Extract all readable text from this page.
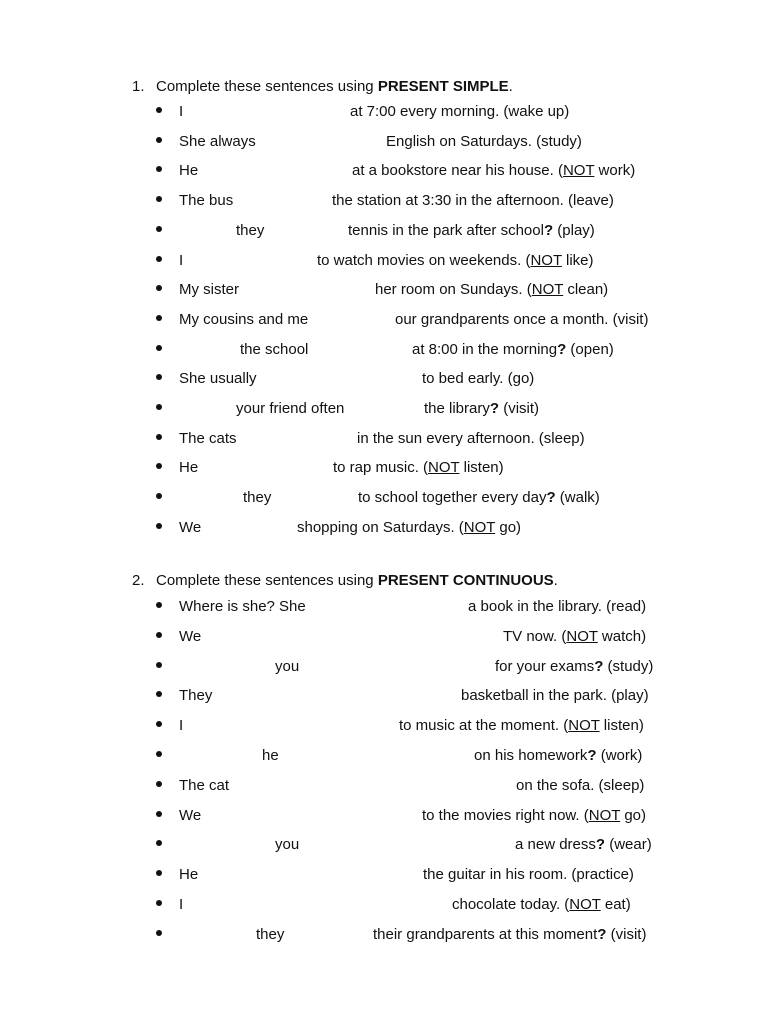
1. Complete these sentences using PRESENT SIMPLE.
I	at 7:00 every morning. (wake up)
She always	English on Saturdays. (study)
He	at a bookstore near his house. (NOT work)
The bus	the station at 3:30 in the afternoon. (leave)
they	tennis in the park after school? (play)
I	to watch movies on weekends. (NOT like)
My sister	her room on Sundays. (NOT clean)
My cousins and me	our grandparents once a month. (visit)
the school	at 8:00 in the morning? (open)
She usually	to bed early. (go)
your friend often	the library? (visit)
The cats	in the sun every afternoon. (sleep)
He	to rap music. (NOT listen)
they	to school together every day? (walk)
We	shopping on Saturdays. (NOT go)
2. Complete these sentences using PRESENT CONTINUOUS.
Where is she? She	a book in the library. (read)
We	TV now. (NOT watch)
you	for your exams? (study)
They	basketball in the park. (play)
I	to music at the moment. (NOT listen)
he	on his homework? (work)
The cat	on the sofa. (sleep)
We	to the movies right now. (NOT go)
you	a new dress? (wear)
He	the guitar in his room. (practice)
I	chocolate today. (NOT eat)
they	their grandparents at this moment? (visit)
